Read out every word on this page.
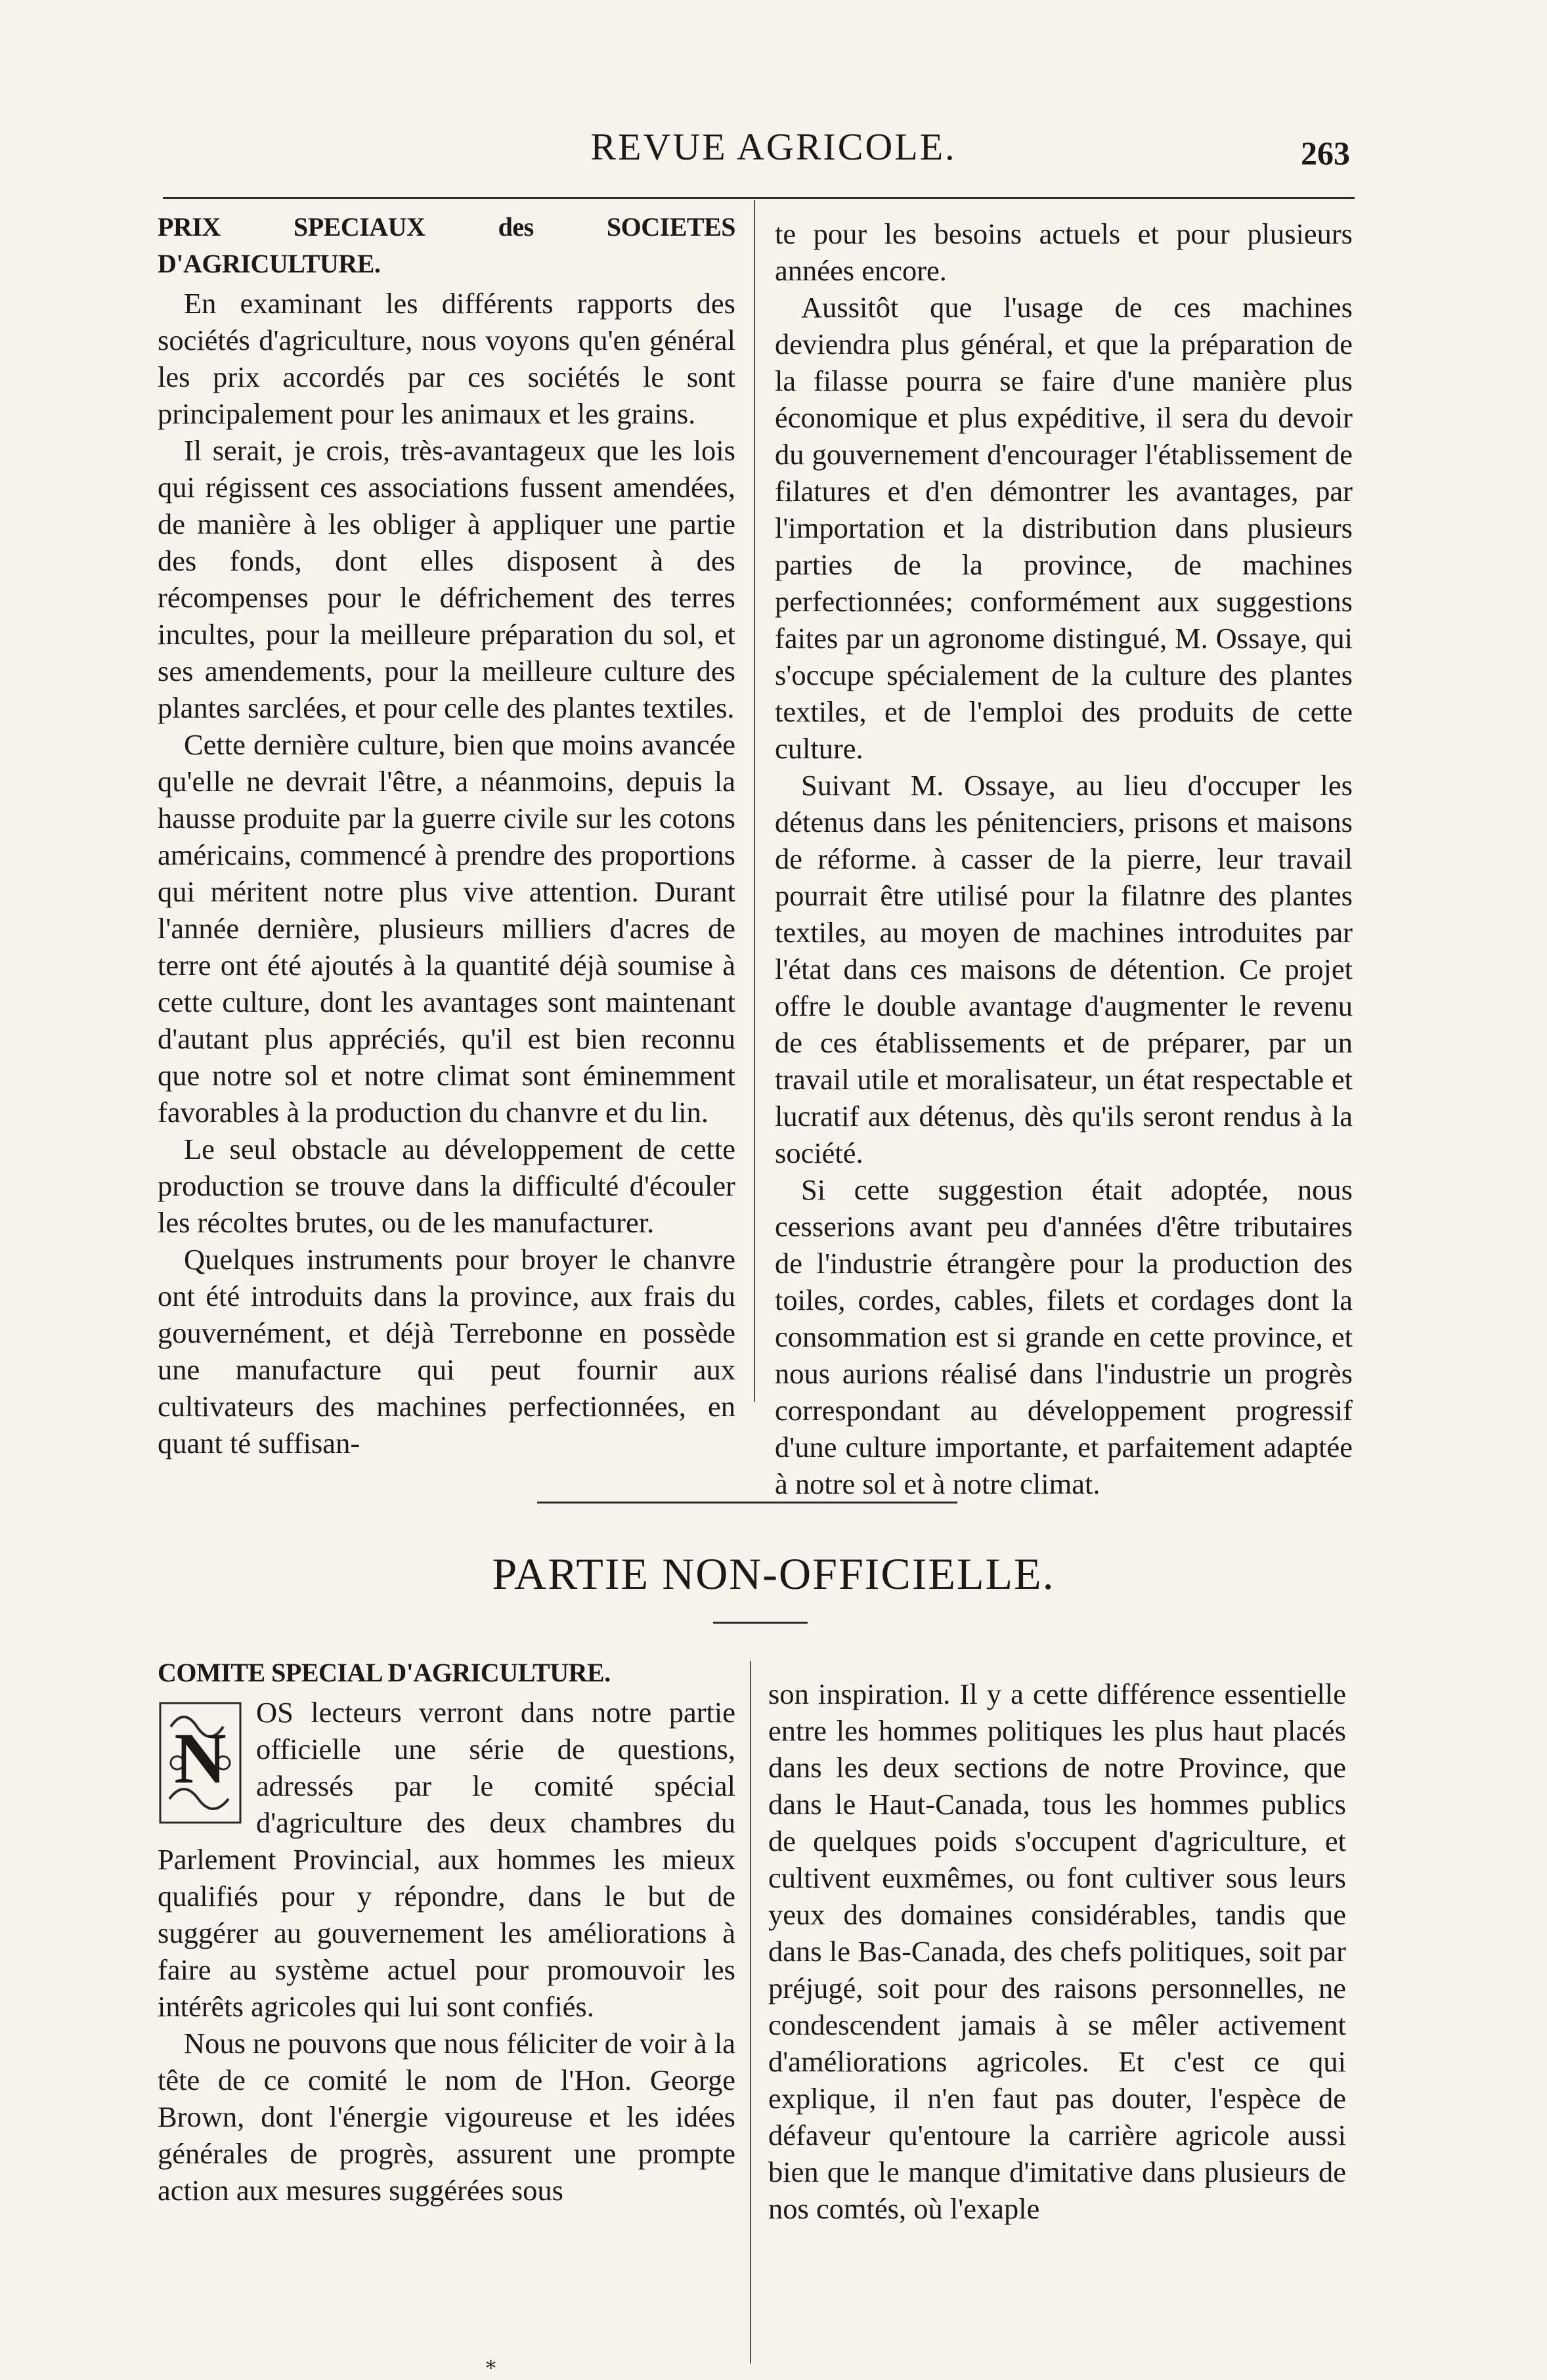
REVUE AGRICOLE.	263
PRIX SPECIAUX des SOCIETES D'AGRICULTURE.

En examinant les différents rapports des sociétés d'agriculture, nous voyons qu'en général les prix accordés par ces sociétés le sont principalement pour les animaux et les grains.

Il serait, je crois, très-avantageux que les lois qui régissent ces associations fussent amendées, de manière à les obliger à appliquer une partie des fonds, dont elles disposent à des récompenses pour le défrichement des terres incultes, pour la meilleure préparation du sol, et ses amendements, pour la meilleure culture des plantes sarclées, et pour celle des plantes textiles.

Cette dernière culture, bien que moins avancée qu'elle ne devrait l'être, a néanmoins, depuis la hausse produite par la guerre civile sur les cotons américains, commencé à prendre des proportions qui méritent notre plus vive attention. Durant l'année dernière, plusieurs milliers d'acres de terre ont été ajoutés à la quantité déjà soumise à cette culture, dont les avantages sont maintenant d'autant plus appréciés, qu'il est bien reconnu que notre sol et notre climat sont éminemment favorables à la production du chanvre et du lin.

Le seul obstacle au développement de cette production se trouve dans la difficulté d'écouler les récoltes brutes, ou de les manufacturer.

Quelques instruments pour broyer le chanvre ont été introduits dans la province, aux frais du gouvernément, et déjà Terrebonne en possède une manufacture qui peut fournir aux cultivateurs des machines perfectionnées, en quant té suffisan-

te pour les besoins actuels et pour plusieurs années encore.

Aussitôt que l'usage de ces machines deviendra plus général, et que la préparation de la filasse pourra se faire d'une manière plus économique et plus expéditive, il sera du devoir du gouvernement d'encourager l'établissement de filatures et d'en démontrer les avantages, par l'importation et la distribution dans plusieurs parties de la province, de machines perfectionnées; conformément aux suggestions faites par un agronome distingué, M. Ossaye, qui s'occupe spécialement de la culture des plantes textiles, et de l'emploi des produits de cette culture.

Suivant M. Ossaye, au lieu d'occuper les détenus dans les pénitenciers, prisons et maisons de réforme. à casser de la pierre, leur travail pourrait être utilisé pour la filatnre des plantes textiles, au moyen de machines introduites par l'état dans ces maisons de détention. Ce projet offre le double avantage d'augmenter le revenu de ces établissements et de préparer, par un travail utile et moralisateur, un état respectable et lucratif aux détenus, dès qu'ils seront rendus à la société.

Si cette suggestion était adoptée, nous cesserions avant peu d'années d'être tributaires de l'industrie étrangère pour la production des toiles, cordes, cables, filets et cordages dont la consommation est si grande en cette province, et nous aurions réalisé dans l'industrie un progrès correspondant au développement progressif d'une culture importante, et parfaitement adaptée à notre sol et à notre climat.

PARTIE NON-OFFICIELLE.
COMITE SPECIAL D'AGRICULTURE.
N

OS lecteurs verront dans notre partie officielle une série de questions, adressés par le comité spécial d'agriculture des deux chambres du Parlement Provincial, aux hommes les mieux qualifiés pour y répondre, dans le but de suggérer au gouvernement les améliorations à faire au système actuel pour promouvoir les intérêts agricoles qui lui sont confiés.

Nous ne pouvons que nous féliciter de voir à la tête de ce comité le nom de l'Hon. George Brown, dont l'énergie vigoureuse et les idées générales de progrès, assurent une prompte action aux mesures suggérées sous

son inspiration. Il y a cette différence essentielle entre les hommes politiques les plus haut placés dans les deux sections de notre Province, que dans le Haut-Canada, tous les hommes publics de quelques poids s'occupent d'agriculture, et cultivent euxmêmes, ou font cultiver sous leurs yeux des domaines considérables, tandis que dans le Bas-Canada, des chefs politiques, soit par préjugé, soit pour des raisons personnelles, ne condescendent jamais à se mêler activement d'améliorations agricoles. Et c'est ce qui explique, il n'en faut pas douter, l'espèce de défaveur qu'entoure la carrière agricole aussi bien que le manque d'imitative dans plusieurs de nos comtés, où l'exaple

*
